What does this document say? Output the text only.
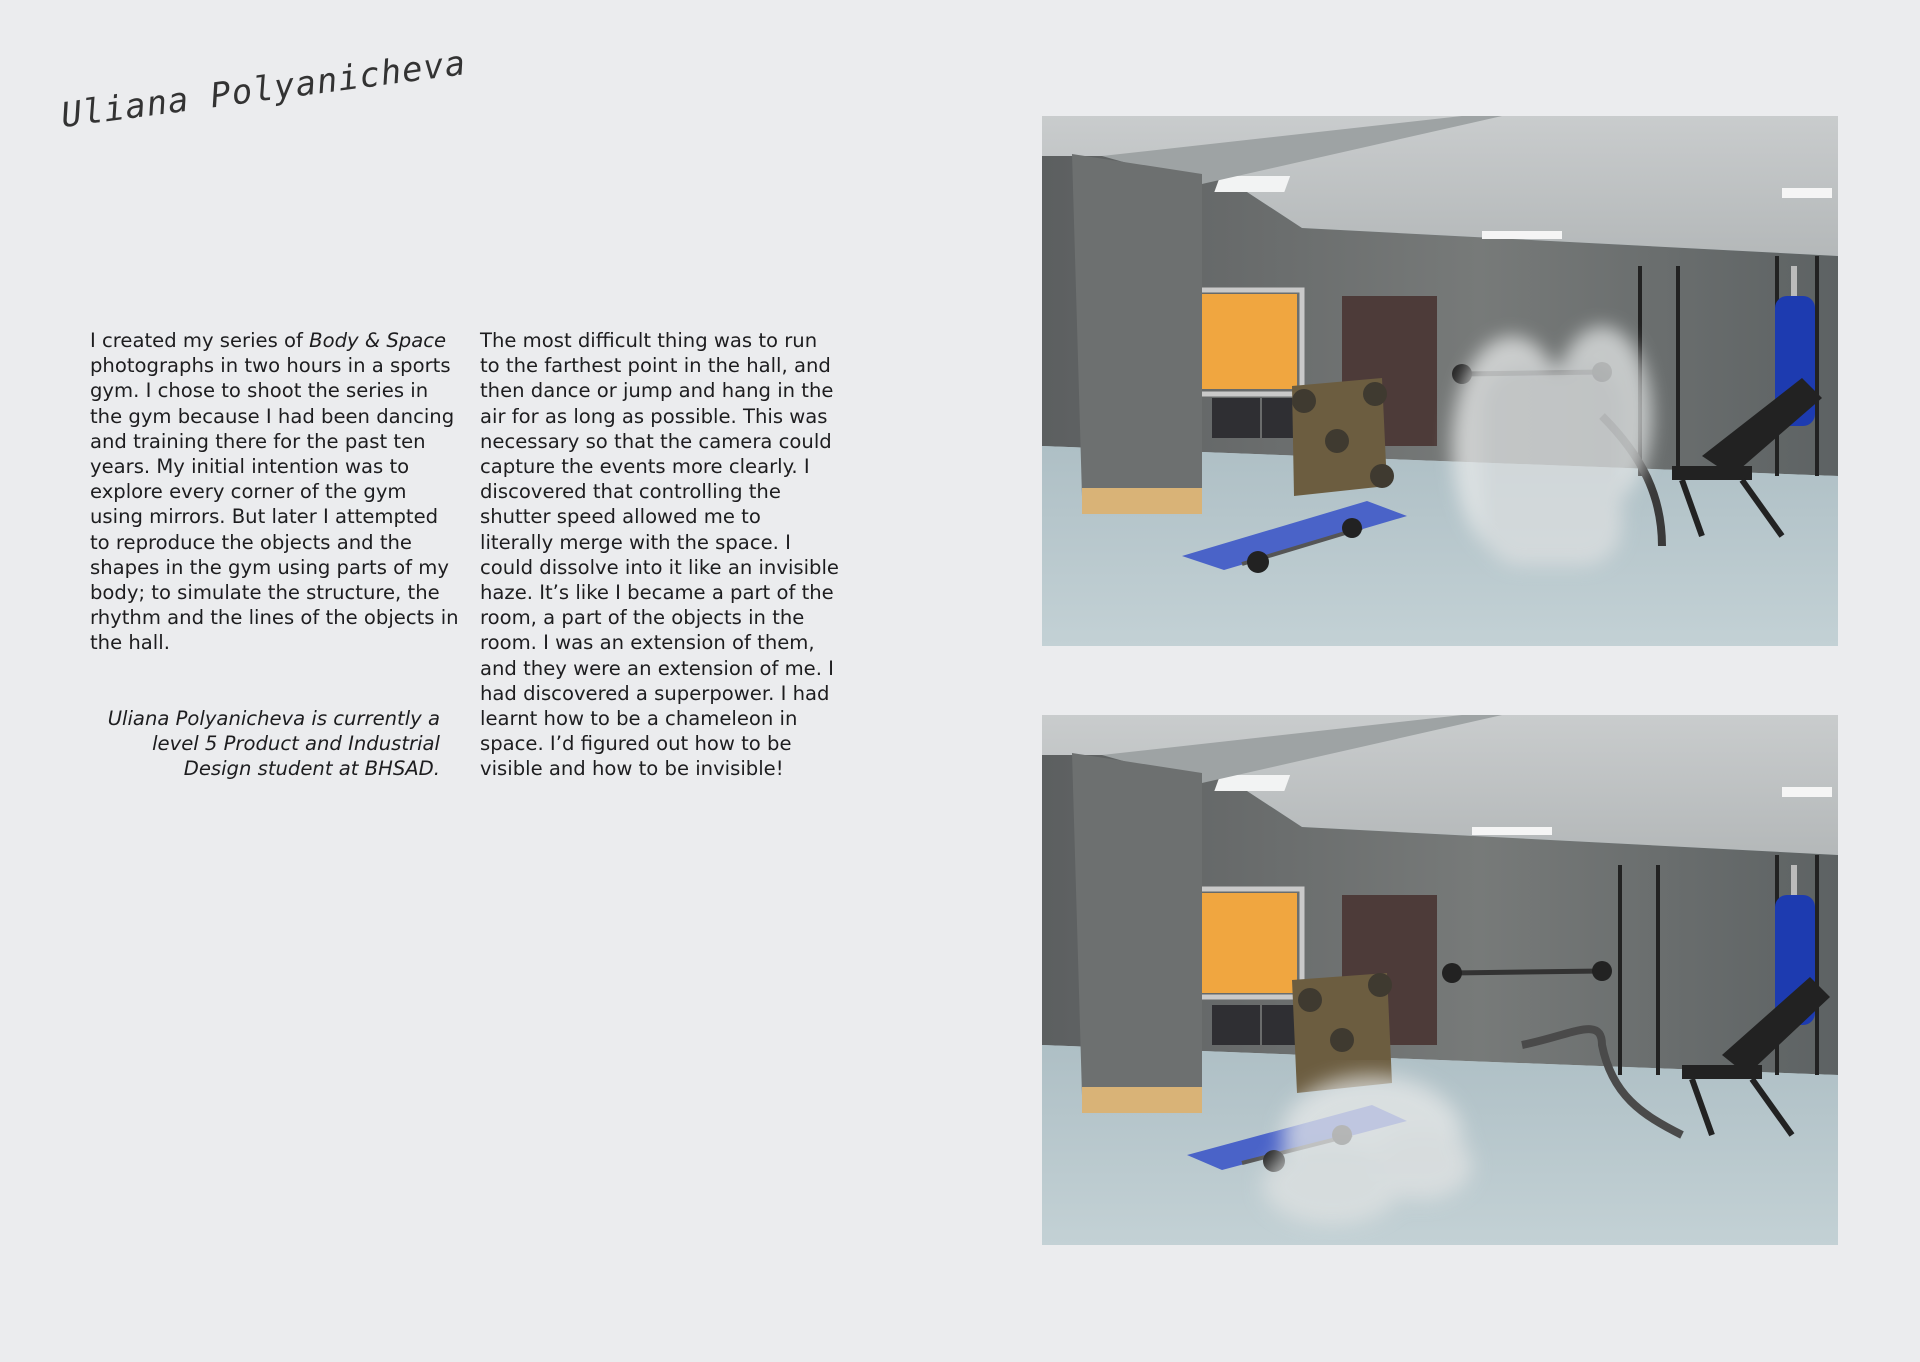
Uliana Polyanicheva

I created my series of Body & Space photographs in two hours in a sports gym. I chose to shoot the series in the gym because I had been dancing and training there for the past ten years. My initial intention was to explore every corner of the gym using mirrors. But later I attempted to reproduce the objects and the shapes in the gym using parts of my body; to simulate the structure, the rhythm and the lines of the objects in the hall.

Uliana Polyanicheva is currently a level 5 Product and Industrial Design student at BHSAD.

The most difficult thing was to run to the farthest point in the hall, and then dance or jump and hang in the air for as long as possible. This was necessary so that the camera could capture the events more clearly. I discovered that controlling the shutter speed allowed me to literally merge with the space. I could dissolve into it like an invisible haze. It’s like I became a part of the room, a part of the objects in the room. I was an extension of them, and they were an extension of me. I had discovered a superpower. I had learnt how to be a chameleon in space. I’d figured out how to be visible and how to be invisible!
